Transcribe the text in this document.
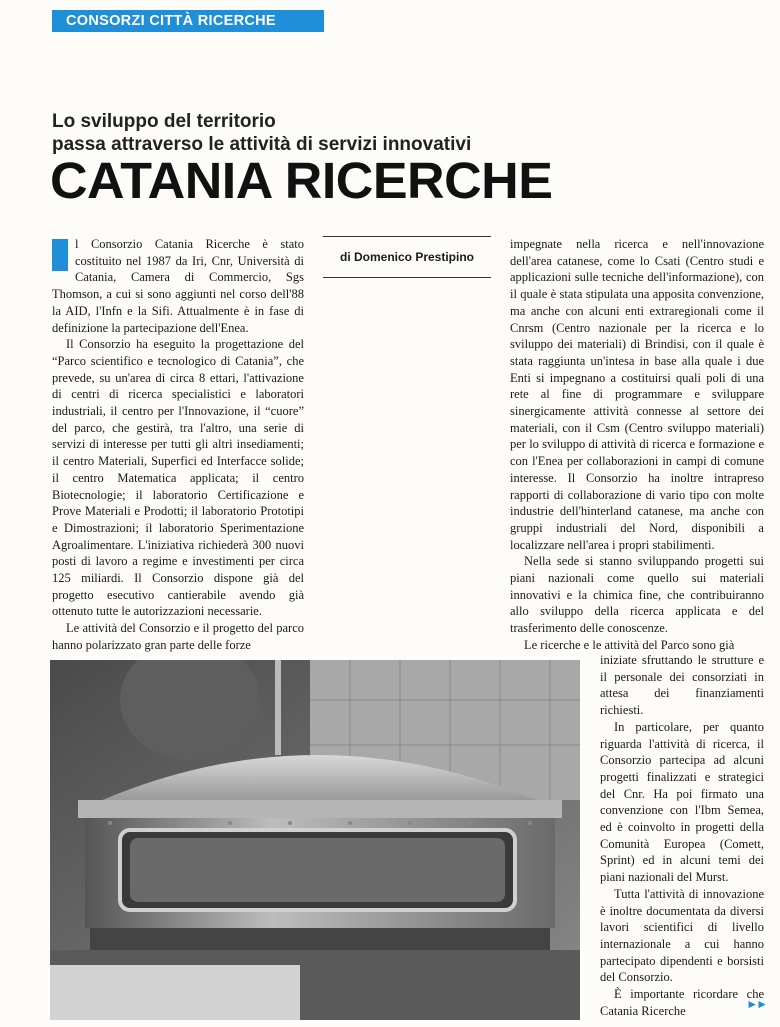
CONSORZI CITTÀ RICERCHE
Lo sviluppo del territorio
passa attraverso le attività di servizi innovativi
CATANIA RICERCHE

l Consorzio Catania Ricerche è stato costituito nel 1987 da Iri, Cnr, Università di Catania, Camera di Commercio, Sgs Thomson, a cui si sono aggiunti nel corso dell'88 la AID, l'Infn e la Sifi. Attualmente è in fase di definizione la partecipazione dell'Enea.

Il Consorzio ha eseguito la progettazione del “Parco scientifico e tecnologico di Catania”, che prevede, su un'area di circa 8 ettari, l'attivazione di centri di ricerca specialistici e laboratori industriali, il centro per l'Innovazione, il “cuore” del parco, che gestirà, tra l'altro, una serie di servizi di interesse per tutti gli altri insediamenti; il centro Materiali, Superfici ed Interfacce solide; il centro Matematica applicata; il centro Biotecnologie; il laboratorio Certificazione e Prove Materiali e Prodotti; il laboratorio Prototipi e Dimostrazioni; il laboratorio Sperimentazione Agroalimentare. L'iniziativa richiederà 300 nuovi posti di lavoro a regime e investimenti per circa 125 miliardi. Il Consorzio dispone già del progetto esecutivo cantierabile avendo già ottenuto tutte le autorizzazioni necessarie.

Le attività del Consorzio e il progetto del parco hanno polarizzato gran parte delle forze

di Domenico Prestipino

impegnate nella ricerca e nell'innovazione dell'area catanese, come lo Csati (Centro studi e applicazioni sulle tecniche dell'informazione), con il quale è stata stipulata una apposita convenzione, ma anche con alcuni enti extraregionali come il Cnrsm (Centro nazionale per la ricerca e lo sviluppo dei materiali) di Brindisi, con il quale è stata raggiunta un'intesa in base alla quale i due Enti si impegnano a costituirsi quali poli di una rete al fine di programmare e sviluppare sinergicamente attività connesse al settore dei materiali, con il Csm (Centro sviluppo materiali) per lo sviluppo di attività di ricerca e formazione e con l'Enea per collaborazioni in campi di comune interesse. Il Consorzio ha inoltre intrapreso rapporti di collaborazione di vario tipo con molte industrie dell'hinterland catanese, ma anche con gruppi industriali del Nord, disponibili a localizzare nell'area i propri stabilimenti.

Nella sede si stanno sviluppando progetti sui piani nazionali come quello sui materiali innovativi e la chimica fine, che contribuiranno allo sviluppo della ricerca applicata e del trasferimento delle conoscenze.

Le ricerche e le attività del Parco sono già

iniziate sfruttando le strutture e il personale dei consorziati in attesa dei finanziamenti richiesti.

In particolare, per quanto riguarda l'attività di ricerca, il Consorzio partecipa ad alcuni progetti finalizzati e strategici del Cnr. Ha poi firmato una convenzione con l'Ibm Semea, ed è coinvolto in progetti della Comunità Europea (Comett, Sprint) ed in alcuni temi dei piani nazionali del Murst.

Tutta l'attività di innovazione è inoltre documentata da diversi lavori scientifici di livello internazionale a cui hanno partecipato dipendenti e borsisti del Consorzio.

È importante ricordare che Catania Ricerche	►►
